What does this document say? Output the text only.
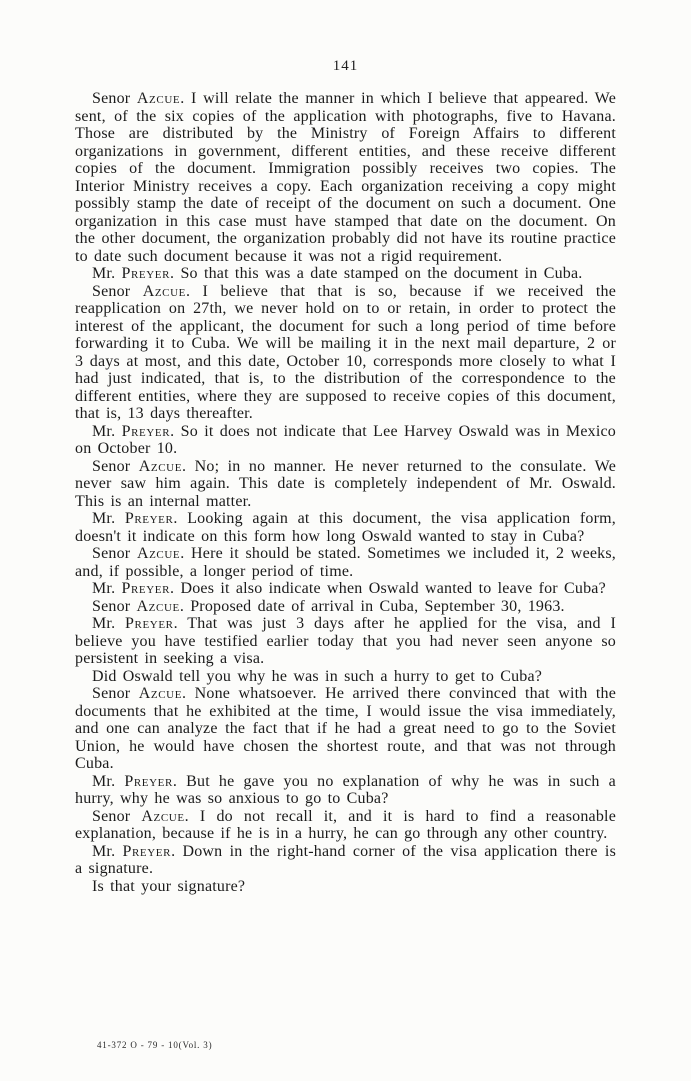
141

Senor Azcue. I will relate the manner in which I believe that appeared. We sent, of the six copies of the application with photographs, five to Havana. Those are distributed by the Ministry of Foreign Affairs to different organizations in government, different entities, and these receive different copies of the document. Immigration possibly receives two copies. The Interior Ministry receives a copy. Each organization receiving a copy might possibly stamp the date of receipt of the document on such a document. One organization in this case must have stamped that date on the document. On the other document, the organization probably did not have its routine practice to date such document because it was not a rigid requirement.

Mr. Preyer. So that this was a date stamped on the document in Cuba.

Senor Azcue. I believe that that is so, because if we received the reapplication on 27th, we never hold on to or retain, in order to protect the interest of the applicant, the document for such a long period of time before forwarding it to Cuba. We will be mailing it in the next mail departure, 2 or 3 days at most, and this date, October 10, corresponds more closely to what I had just indicated, that is, to the distribution of the correspondence to the different entities, where they are supposed to receive copies of this document, that is, 13 days thereafter.

Mr. Preyer. So it does not indicate that Lee Harvey Oswald was in Mexico on October 10.

Senor Azcue. No; in no manner. He never returned to the consulate. We never saw him again. This date is completely independent of Mr. Oswald. This is an internal matter.

Mr. Preyer. Looking again at this document, the visa application form, doesn't it indicate on this form how long Oswald wanted to stay in Cuba?

Senor Azcue. Here it should be stated. Sometimes we included it, 2 weeks, and, if possible, a longer period of time.

Mr. Preyer. Does it also indicate when Oswald wanted to leave for Cuba?

Senor Azcue. Proposed date of arrival in Cuba, September 30, 1963.

Mr. Preyer. That was just 3 days after he applied for the visa, and I believe you have testified earlier today that you had never seen anyone so persistent in seeking a visa.

Did Oswald tell you why he was in such a hurry to get to Cuba?

Senor Azcue. None whatsoever. He arrived there convinced that with the documents that he exhibited at the time, I would issue the visa immediately, and one can analyze the fact that if he had a great need to go to the Soviet Union, he would have chosen the shortest route, and that was not through Cuba.

Mr. Preyer. But he gave you no explanation of why he was in such a hurry, why he was so anxious to go to Cuba?

Senor Azcue. I do not recall it, and it is hard to find a reasonable explanation, because if he is in a hurry, he can go through any other country.

Mr. Preyer. Down in the right-hand corner of the visa application there is a signature.

Is that your signature?

41-372 O - 79 - 10(Vol. 3)
